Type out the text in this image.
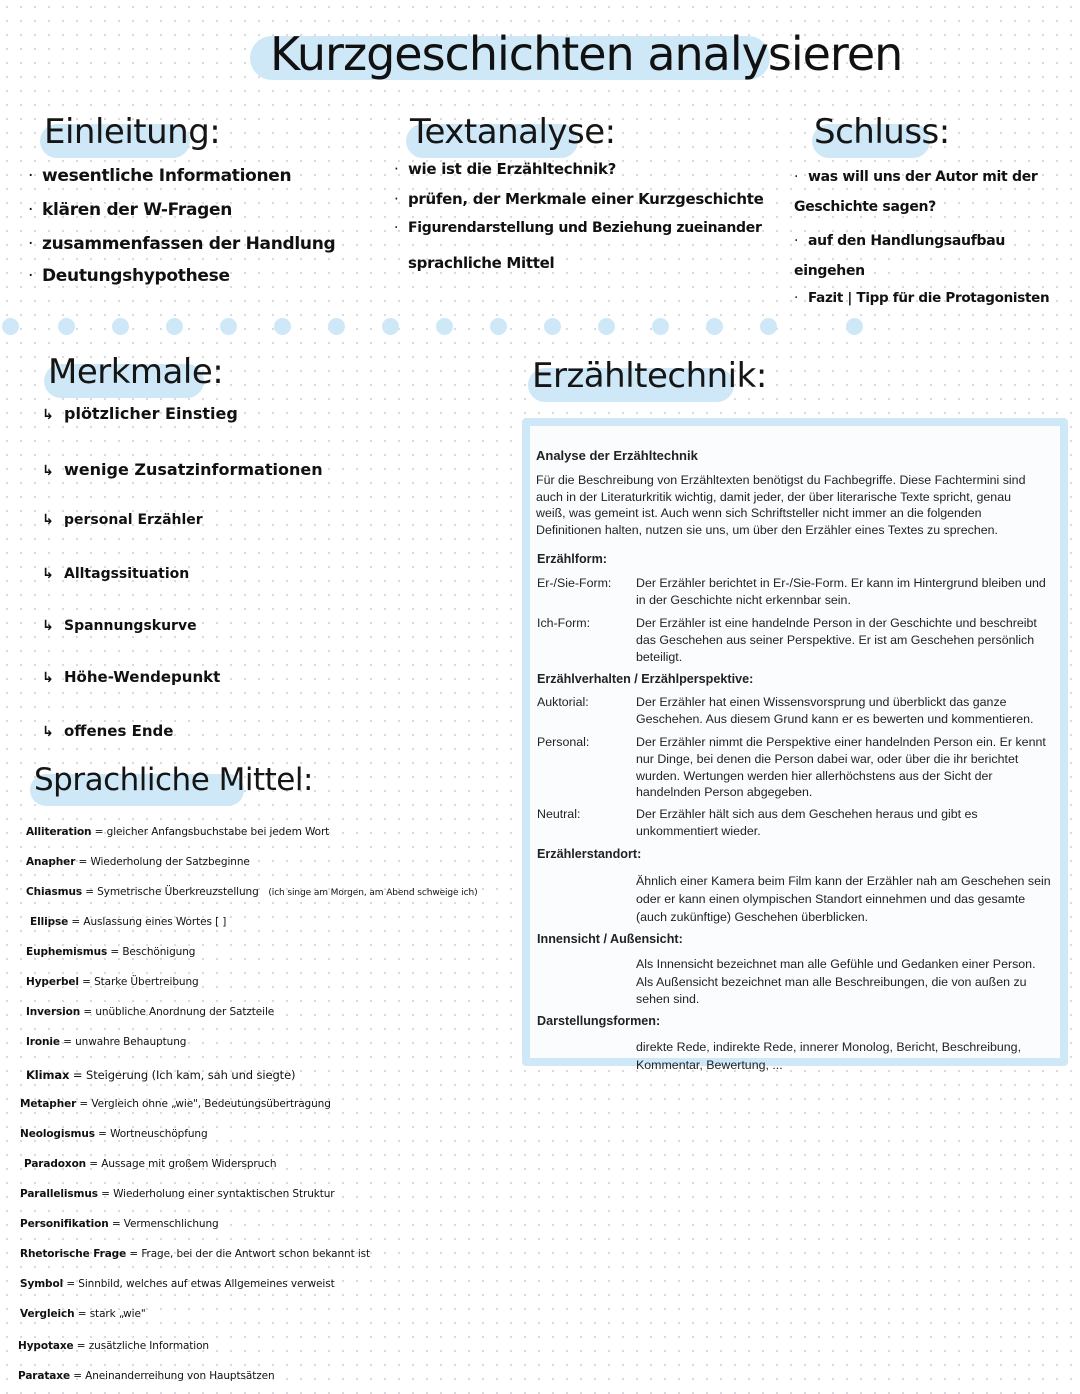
Kurzgeschichten analysieren
Einleitung:
· wesentliche Informationen
· klären der W-Fragen
· zusammenfassen der Handlung
· Deutungshypothese
Textanalyse:
· wie ist die Erzähltechnik?
· prüfen, der Merkmale einer Kurzgeschichte
· Figurendarstellung und Beziehung zueinander
sprachliche Mittel
Schluss:
· was will uns der Autor mit der Geschichte sagen?
· auf den Handlungsaufbau eingehen
· Fazit | Tipp für die Protagonisten
Merkmale:
↳ plötzlicher Einstieg
↳ wenige Zusatzinformationen
↳ personal Erzähler
↳ Alltagssituation
↳ Spannungskurve
↳ Höhe-Wendepunkt
↳ offenes Ende
Sprachliche Mittel:
Alliteration = gleicher Anfangsbuchstabe bei jedem Wort
Anapher = Wiederholung der Satzbeginne
Chiasmus = Symetrische Überkreuzstellung (ich singe am Morgen, am Abend schweige ich)
Ellipse = Auslassung eines Wortes [ ]
Euphemismus = Beschönigung
Hyperbel = Starke Übertreibung
Inversion = unübliche Anordnung der Satzteile
Ironie = unwahre Behauptung
Klimax = Steigerung (Ich kam, sah und siegte)
Metapher = Vergleich ohne „wie", Bedeutungsübertragung
Neologismus = Wortneuschöpfung
Paradoxon = Aussage mit großem Widerspruch
Parallelismus = Wiederholung einer syntaktischen Struktur
Personifikation = Vermenschlichung
Rhetorische Frage = Frage, bei der die Antwort schon bekannt ist
Symbol = Sinnbild, welches auf etwas Allgemeines verweist
Vergleich = stark „wie"
Hypotaxe = zusätzliche Information
Parataxe = Aneinanderreihung von Hauptsätzen
Erzähltechnik:
Analyse der Erzähltechnik
Für die Beschreibung von Erzähltexten benötigst du Fachbegriffe. Diese Fachtermini sind auch in der Literaturkritik wichtig, damit jeder, der über literarische Texte spricht, genau weiß, was gemeint ist. Auch wenn sich Schriftsteller nicht immer an die folgenden Definitionen halten, nutzen sie uns, um über den Erzähler eines Textes zu sprechen.
Erzählform:
Er-/Sie-Form: Der Erzähler berichtet in Er-/Sie-Form. Er kann im Hintergrund bleiben und in der Geschichte nicht erkennbar sein.
Ich-Form:	Der Erzähler ist eine handelnde Person in der Geschichte und beschreibt das Geschehen aus seiner Perspektive. Er ist am Geschehen persönlich beteiligt.
Erzählverhalten / Erzählperspektive:
Auktorial:	Der Erzähler hat einen Wissensvorsprung und überblickt das ganze Geschehen. Aus diesem Grund kann er es bewerten und kommentieren.
Personal:	Der Erzähler nimmt die Perspektive einer handelnden Person ein. Er kennt nur Dinge, bei denen die Person dabei war, oder über die ihr berichtet wurden. Wertungen werden hier allerhöchstens aus der Sicht der handelnden Person abgegeben.
Neutral:	Der Erzähler hält sich aus dem Geschehen heraus und gibt es unkommentiert wieder.
Erzählerstandort:
Ähnlich einer Kamera beim Film kann der Erzähler nah am Geschehen sein oder er kann einen olympischen Standort einnehmen und das gesamte (auch zukünftige) Geschehen überblicken.
Innensicht / Außensicht:
Als Innensicht bezeichnet man alle Gefühle und Gedanken einer Person. Als Außensicht bezeichnet man alle Beschreibungen, die von außen zu sehen sind.
Darstellungsformen:
direkte Rede, indirekte Rede, innerer Monolog, Bericht, Beschreibung, Kommentar, Bewertung, ...
